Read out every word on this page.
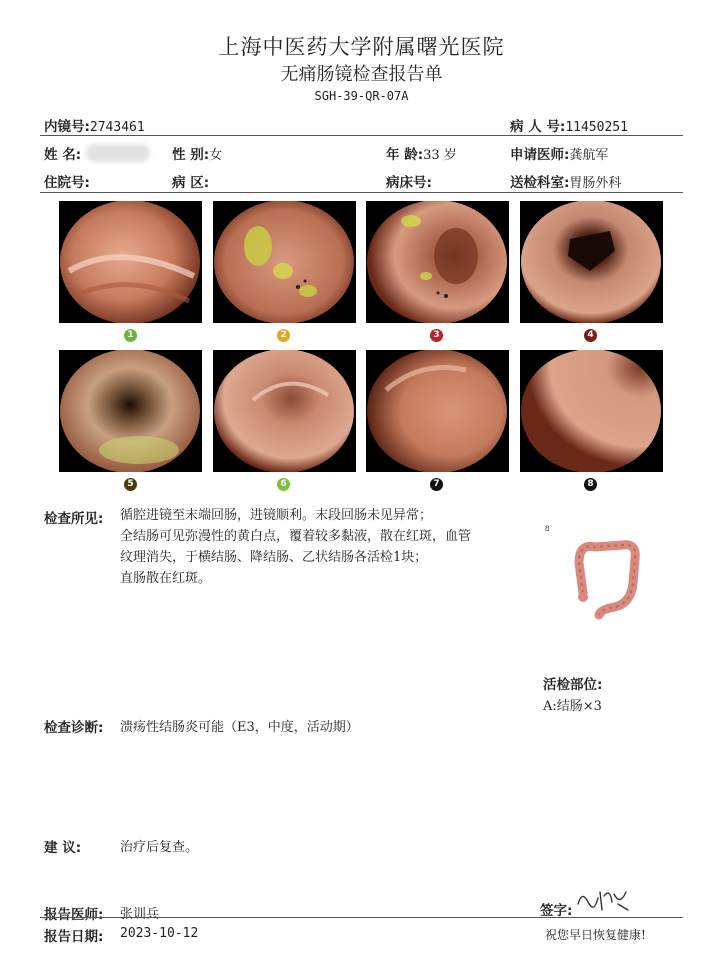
上海中医药大学附属曙光医院
无痛肠镜检查报告单
SGH-39-QR-07A
内镜号:2743461	病 人 号:11450251
姓 名:	性 别:女	年 龄:33 岁	申请医师:龚航军
住院号:	病 区:	病床号:	送检科室:胃肠外科
1	2	3	4
5	6	7	8
检查所见: 循腔进镜至末端回肠，进镜顺利。末段回肠未见异常；
全结肠可见弥漫性的黄白点，覆着较多黏液，散在红斑，血管
纹理消失，于横结肠、降结肠、乙状结肠各活检1块；
直肠散在红斑。
8
活检部位:
A:结肠×3
检查诊断: 溃疡性结肠炎可能（E3，中度，活动期）
建 议:	治疗后复查。
报告医师: 张训兵	签字:
报告日期: 2023-10-12	祝您早日恢复健康!
